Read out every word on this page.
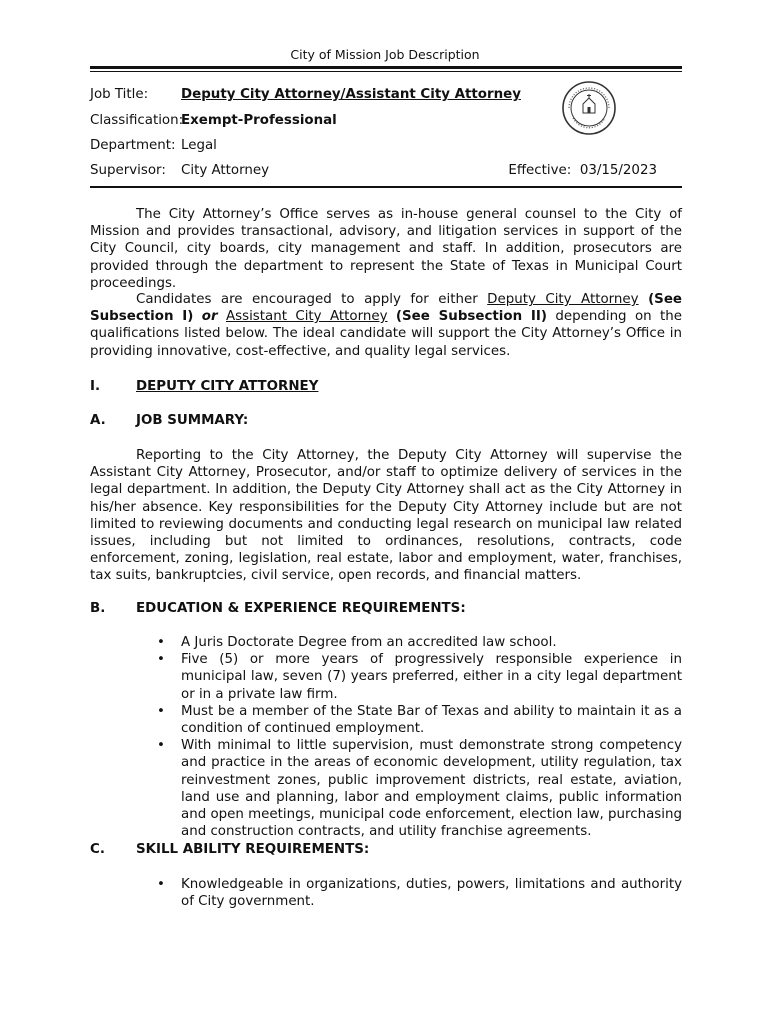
City of Mission Job Description
Job Title: Deputy City Attorney/Assistant City Attorney
Classification:
Exempt-Professional
Department: Legal
Supervisor: City Attorney	Effective: 03/15/2023

The City Attorney’s Office serves as in-house general counsel to the City of Mission and provides transactional, advisory, and litigation services in support of the City Council, city boards, city management and staff. In addition, prosecutors are provided through the department to represent the State of Texas in Municipal Court proceedings.

Candidates are encouraged to apply for either Deputy City Attorney (See Subsection I) or Assistant City Attorney (See Subsection II) depending on the qualifications listed below. The ideal candidate will support the City Attorney’s Office in providing innovative, cost-effective, and quality legal services.

I.	DEPUTY CITY ATTORNEY
A. JOB SUMMARY:

Reporting to the City Attorney, the Deputy City Attorney will supervise the Assistant City Attorney, Prosecutor, and/or staff to optimize delivery of services in the legal department. In addition, the Deputy City Attorney shall act as the City Attorney in his/her absence. Key responsibilities for the Deputy City Attorney include but are not limited to reviewing documents and conducting legal research on municipal law related issues, including but not limited to ordinances, resolutions, contracts, code enforcement, zoning, legislation, real estate, labor and employment, water, franchises, tax suits, bankruptcies, civil service, open records, and financial matters.

B. EDUCATION & EXPERIENCE REQUIREMENTS:
• A Juris Doctorate Degree from an accredited law school.
• Five (5) or more years of progressively responsible experience in municipal law, seven (7) years preferred, either in a city legal department or in a private law firm.
• Must be a member of the State Bar of Texas and ability to maintain it as a condition of continued employment.
• With minimal to little supervision, must demonstrate strong competency and practice in the areas of economic development, utility regulation, tax reinvestment zones, public improvement districts, real estate, aviation, land use and planning, labor and employment claims, public information and open meetings, municipal code enforcement, election law, purchasing and construction contracts, and utility franchise agreements.
C. SKILL ABILITY REQUIREMENTS:
• Knowledgeable in organizations, duties, powers, limitations and authority of City government.
